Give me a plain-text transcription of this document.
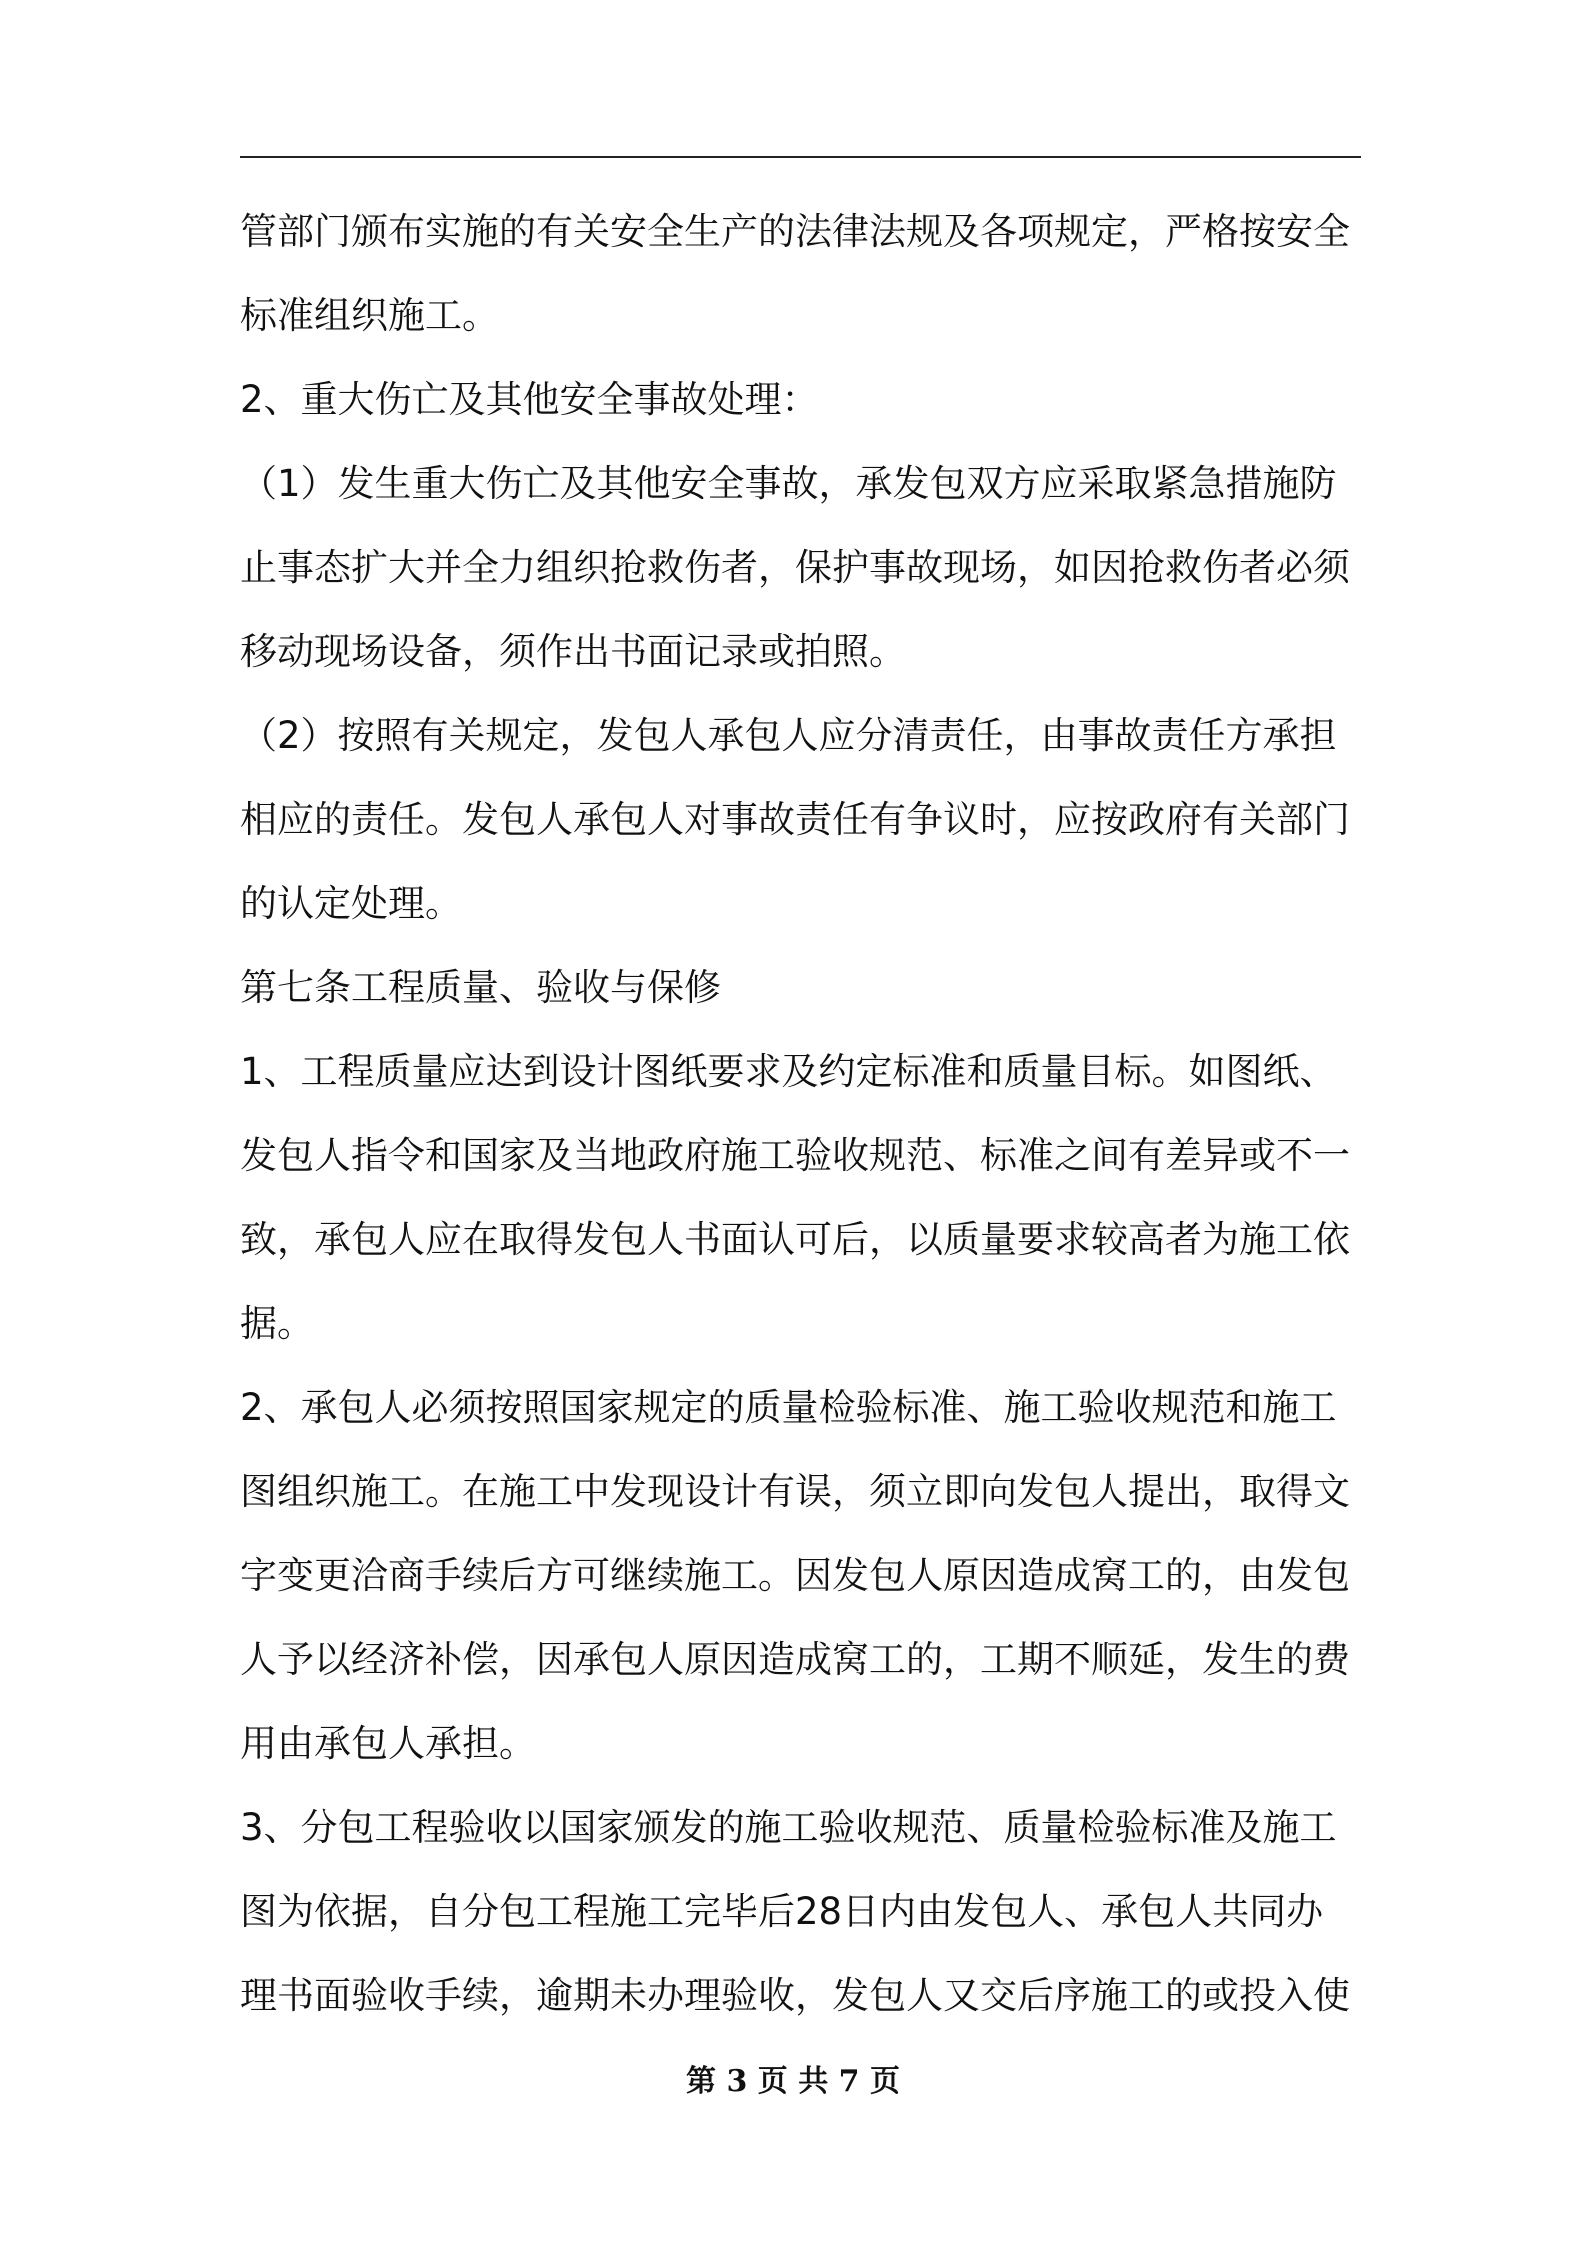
管部门颁布实施的有关安全生产的法律法规及各项规定，严格按安全
标准组织施工。
2、重大伤亡及其他安全事故处理：
（1）发生重大伤亡及其他安全事故，承发包双方应采取紧急措施防
止事态扩大并全力组织抢救伤者，保护事故现场，如因抢救伤者必须
移动现场设备，须作出书面记录或拍照。
（2）按照有关规定，发包人承包人应分清责任，由事故责任方承担
相应的责任。发包人承包人对事故责任有争议时，应按政府有关部门
的认定处理。
第七条工程质量、验收与保修
1、工程质量应达到设计图纸要求及约定标准和质量目标。如图纸、
发包人指令和国家及当地政府施工验收规范、标准之间有差异或不一
致，承包人应在取得发包人书面认可后，以质量要求较高者为施工依
据。
2、承包人必须按照国家规定的质量检验标准、施工验收规范和施工
图组织施工。在施工中发现设计有误，须立即向发包人提出，取得文
字变更洽商手续后方可继续施工。因发包人原因造成窝工的，由发包
人予以经济补偿，因承包人原因造成窝工的，工期不顺延，发生的费
用由承包人承担。
3、分包工程验收以国家颁发的施工验收规范、质量检验标准及施工
图为依据，自分包工程施工完毕后28日内由发包人、承包人共同办
理书面验收手续，逾期未办理验收，发包人又交后序施工的或投入使
第 3 页 共 7 页
